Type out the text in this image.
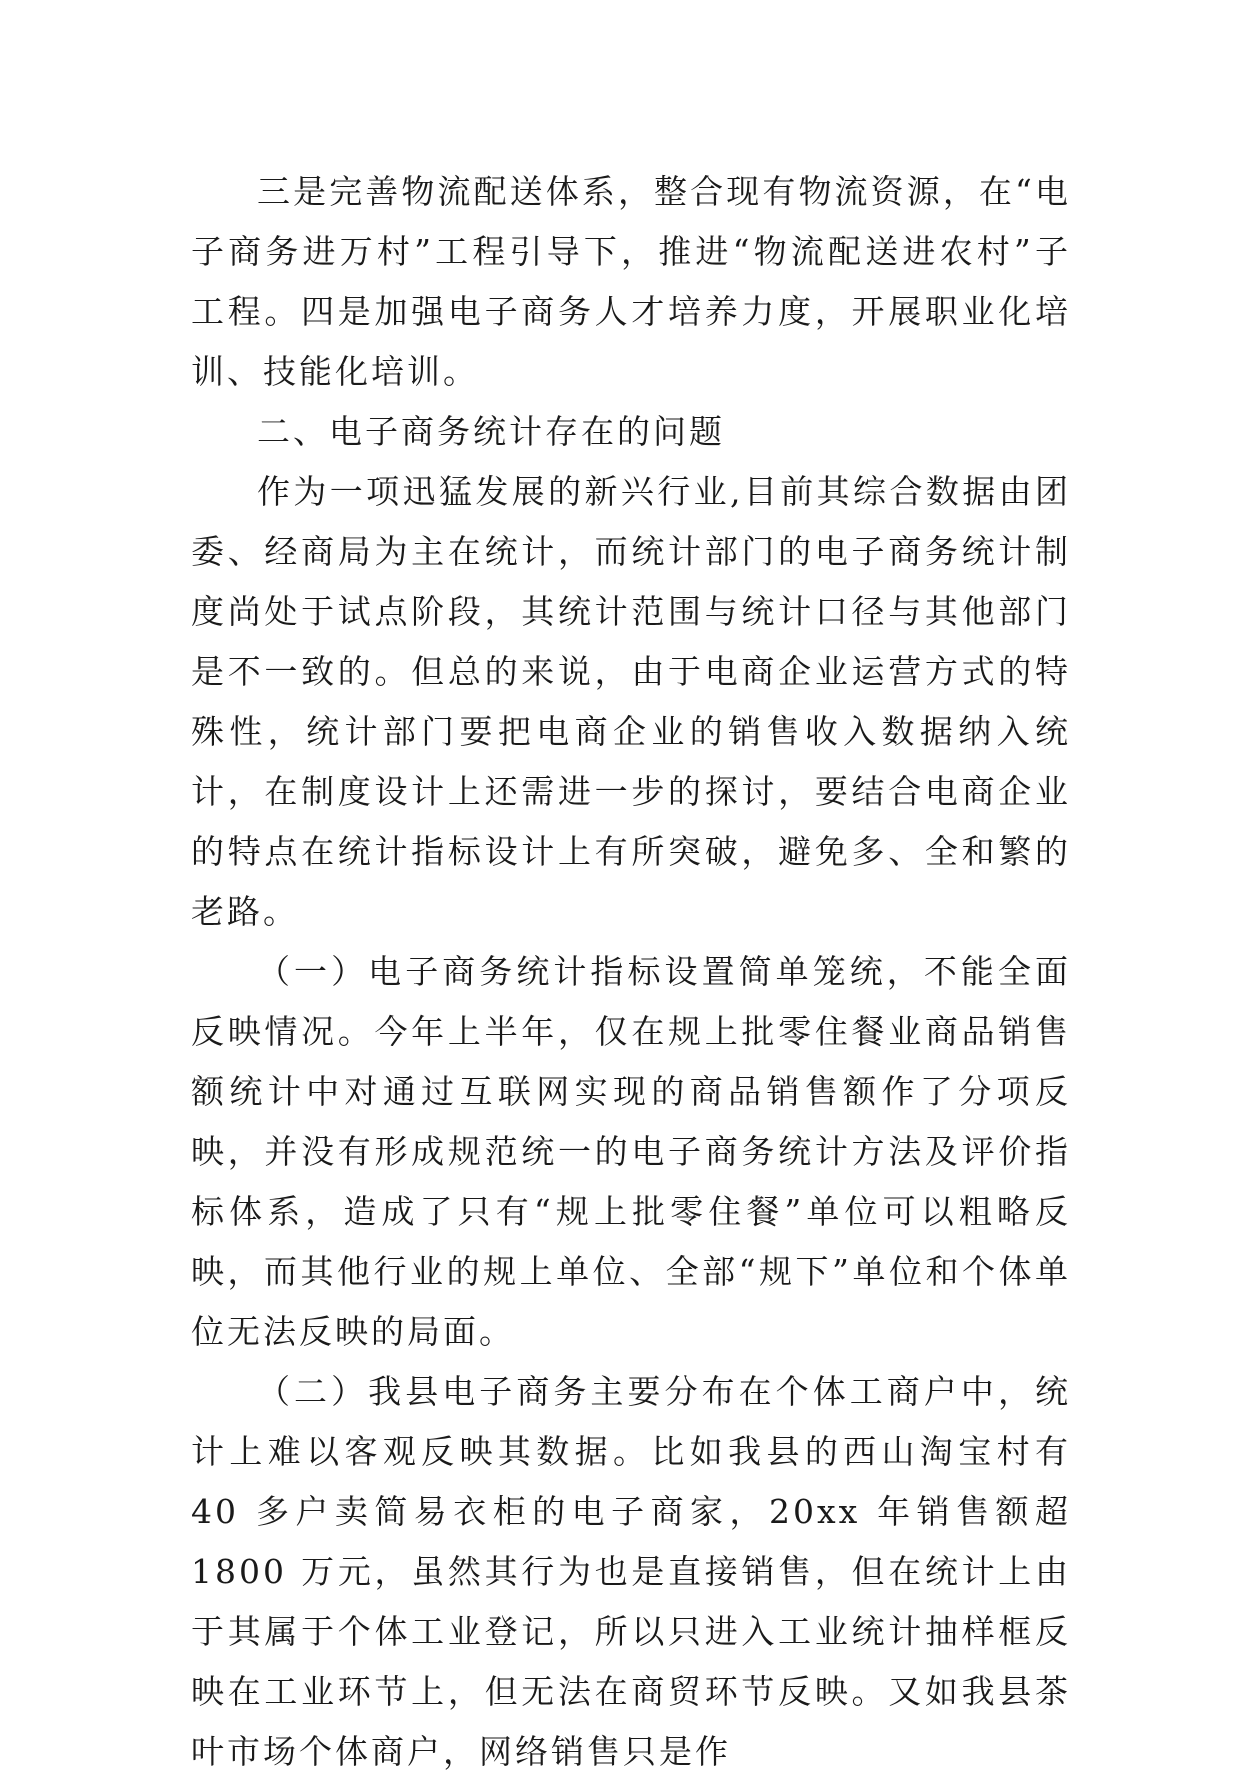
三是完善物流配送体系，整合现有物流资源，在“电子商务进万村”工程引导下，推进“物流配送进农村”子工程。四是加强电子商务人才培养力度，开展职业化培训、技能化培训。

二、电子商务统计存在的问题

作为一项迅猛发展的新兴行业,目前其综合数据由团委、经商局为主在统计，而统计部门的电子商务统计制度尚处于试点阶段，其统计范围与统计口径与其他部门是不一致的。但总的来说，由于电商企业运营方式的特殊性，统计部门要把电商企业的销售收入数据纳入统计，在制度设计上还需进一步的探讨，要结合电商企业的特点在统计指标设计上有所突破，避免多、全和繁的老路。

（一）电子商务统计指标设置简单笼统，不能全面反映情况。今年上半年，仅在规上批零住餐业商品销售额统计中对通过互联网实现的商品销售额作了分项反映，并没有形成规范统一的电子商务统计方法及评价指标体系，造成了只有“规上批零住餐”单位可以粗略反映，而其他行业的规上单位、全部“规下”单位和个体单位无法反映的局面。

（二）我县电子商务主要分布在个体工商户中，统计上难以客观反映其数据。比如我县的西山淘宝村有 40 多户卖简易衣柜的电子商家，20xx 年销售额超 1800 万元，虽然其行为也是直接销售，但在统计上由于其属于个体工业登记，所以只进入工业统计抽样框反映在工业环节上，但无法在商贸环节反映。又如我县茶叶市场个体商户，网络销售只是作
